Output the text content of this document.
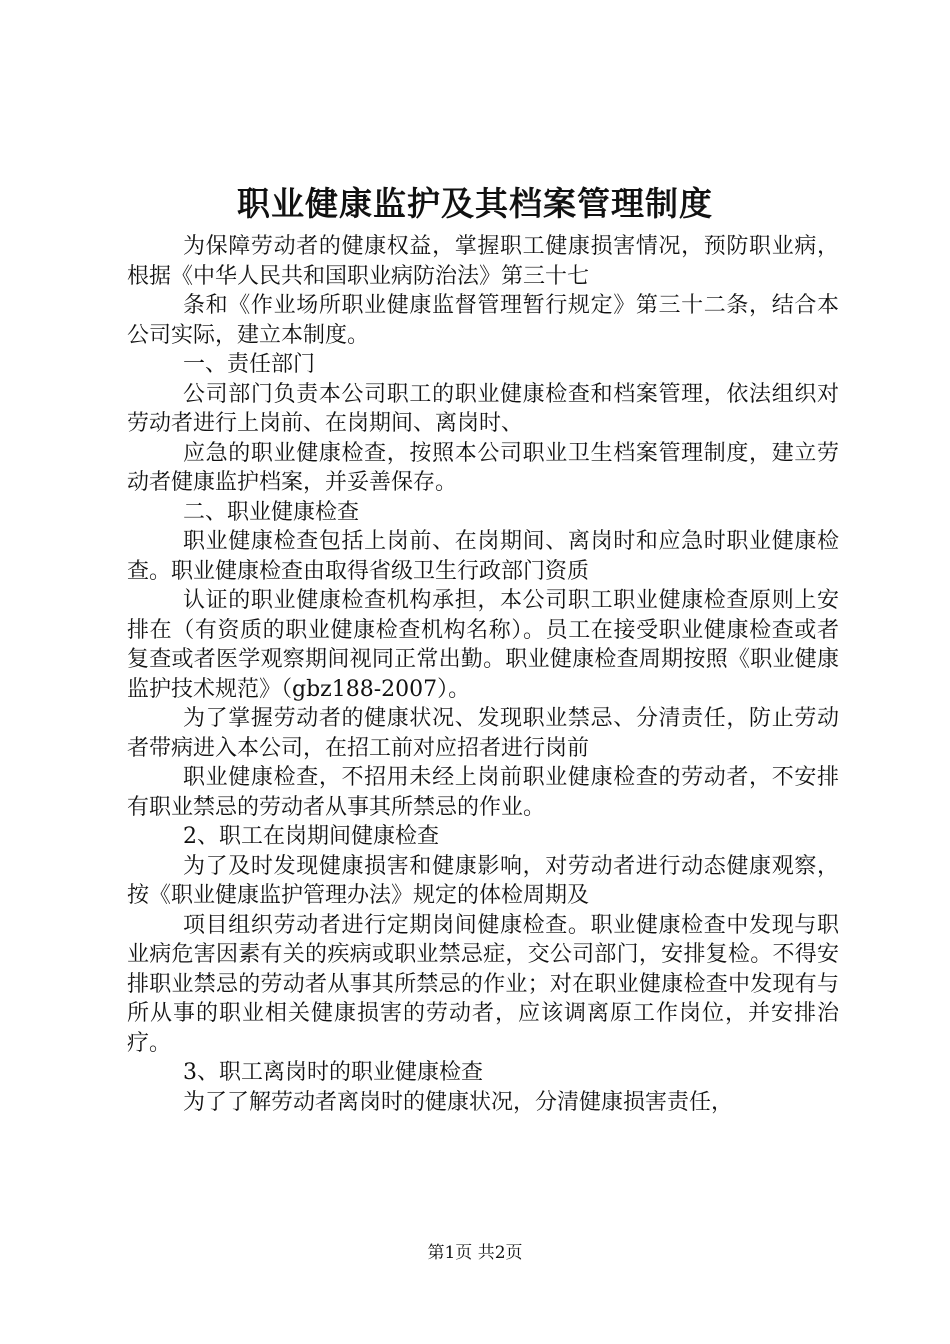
职业健康监护及其档案管理制度

为保障劳动者的健康权益，掌握职工健康损害情况，预防职业病，根据《中华人民共和国职业病防治法》第三十七

条和《作业场所职业健康监督管理暂行规定》第三十二条，结合本公司实际，建立本制度。

一、责任部门

公司部门负责本公司职工的职业健康检查和档案管理，依法组织对劳动者进行上岗前、在岗期间、离岗时、

应急的职业健康检查，按照本公司职业卫生档案管理制度，建立劳动者健康监护档案，并妥善保存。

二、职业健康检查

职业健康检查包括上岗前、在岗期间、离岗时和应急时职业健康检查。职业健康检查由取得省级卫生行政部门资质

认证的职业健康检查机构承担，本公司职工职业健康检查原则上安排在（有资质的职业健康检查机构名称）。员工在接受职业健康检查或者复查或者医学观察期间视同正常出勤。职业健康检查周期按照《职业健康监护技术规范》（gbz188-2007）。

为了掌握劳动者的健康状况、发现职业禁忌、分清责任，防止劳动者带病进入本公司，在招工前对应招者进行岗前

职业健康检查，不招用未经上岗前职业健康检查的劳动者，不安排有职业禁忌的劳动者从事其所禁忌的作业。

2、职工在岗期间健康检查

为了及时发现健康损害和健康影响，对劳动者进行动态健康观察，按《职业健康监护管理办法》规定的体检周期及

项目组织劳动者进行定期岗间健康检查。职业健康检查中发现与职业病危害因素有关的疾病或职业禁忌症，交公司部门，安排复检。不得安排职业禁忌的劳动者从事其所禁忌的作业；对在职业健康检查中发现有与所从事的职业相关健康损害的劳动者，应该调离原工作岗位，并安排治疗。

3、职工离岗时的职业健康检查

为了了解劳动者离岗时的健康状况，分清健康损害责任，

第1页 共2页
